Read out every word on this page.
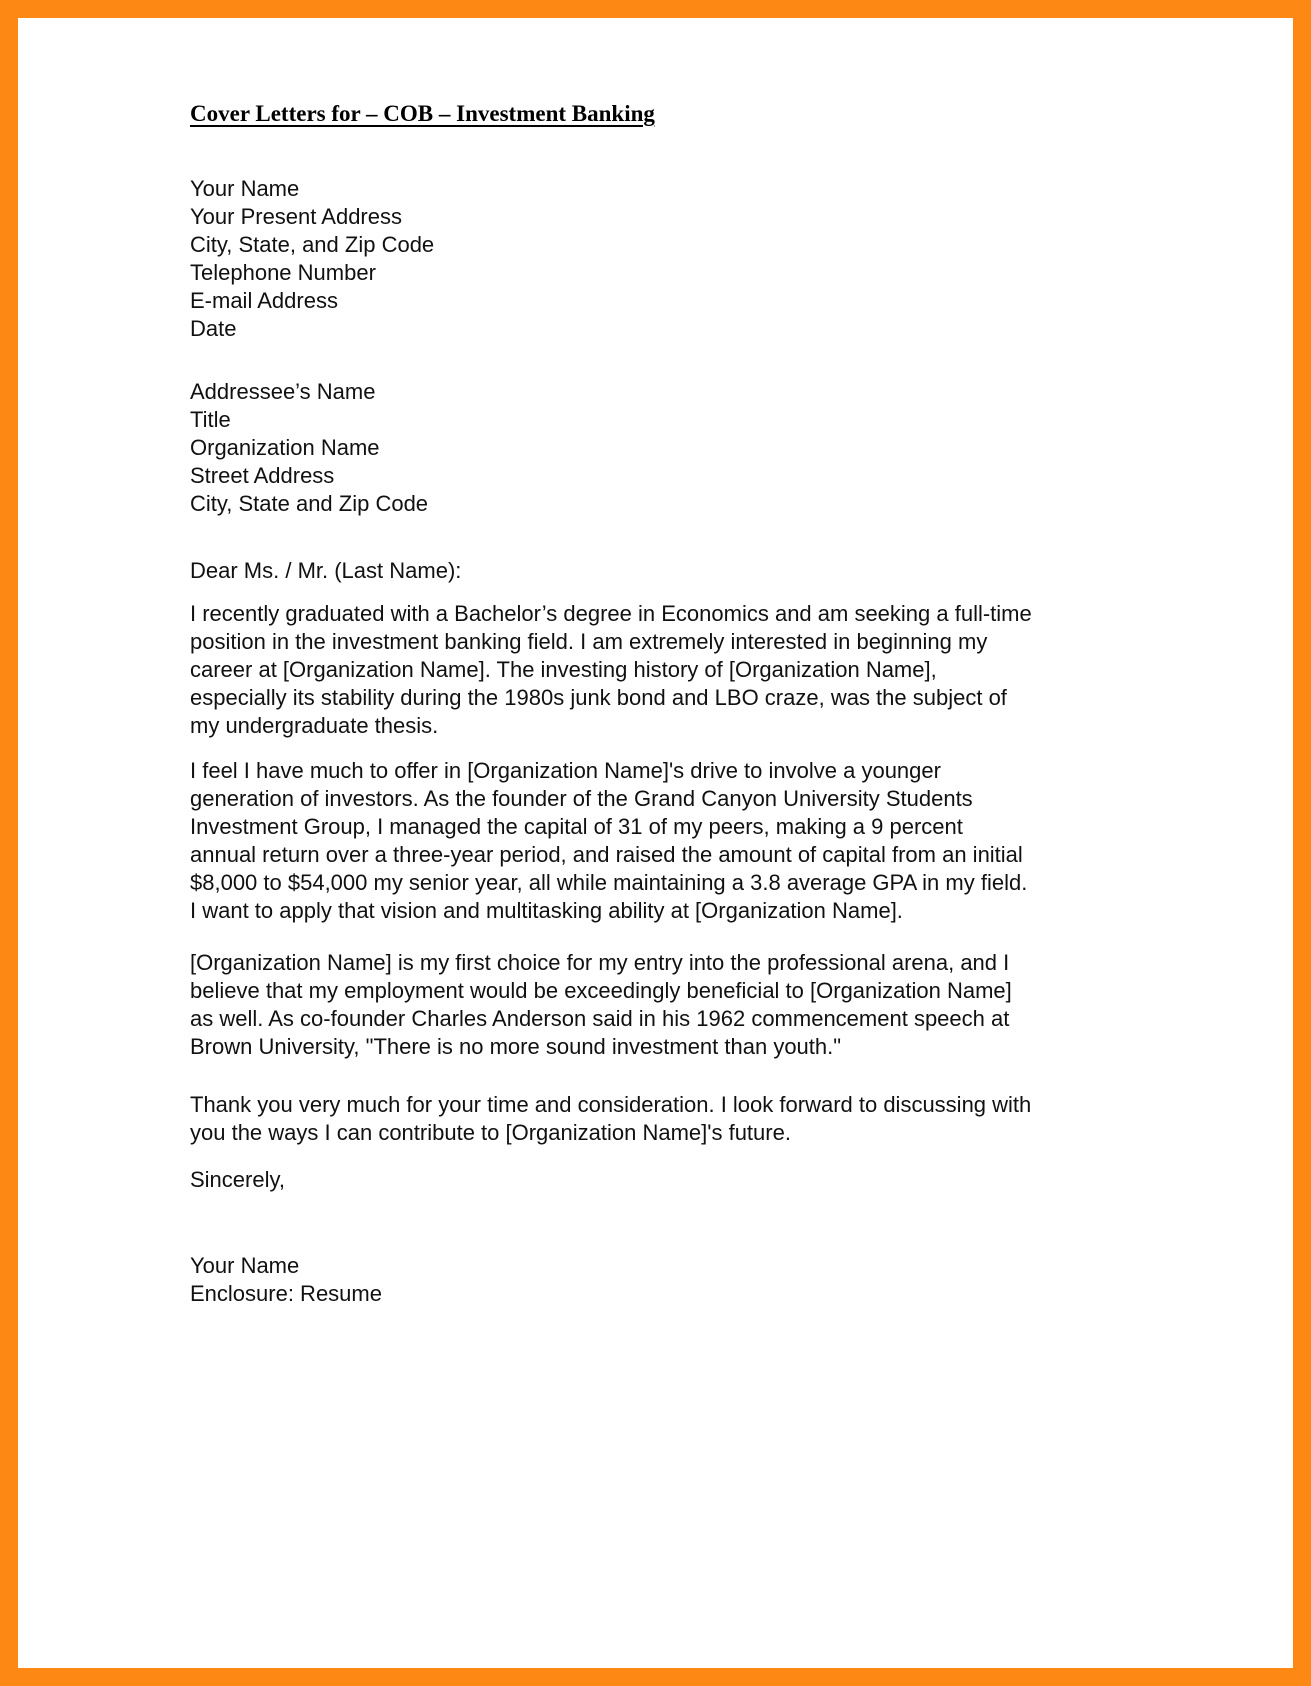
Cover Letters for – COB – Investment Banking
Your Name
Your Present Address
City, State, and Zip Code
Telephone Number
E-mail Address
Date
Addressee’s Name
Title
Organization Name
Street Address
City, State and Zip Code

Dear Ms. / Mr. (Last Name):

I recently graduated with a Bachelor’s degree in Economics and am seeking a full-time position in the investment banking field. I am extremely interested in beginning my career at [Organization Name]. The investing history of [Organization Name], especially its stability during the 1980s junk bond and LBO craze, was the subject of my undergraduate thesis.

I feel I have much to offer in [Organization Name]'s drive to involve a younger generation of investors. As the founder of the Grand Canyon University Students Investment Group, I managed the capital of 31 of my peers, making a 9 percent annual return over a three-year period, and raised the amount of capital from an initial $8,000 to $54,000 my senior year, all while maintaining a 3.8 average GPA in my field. I want to apply that vision and multitasking ability at [Organization Name].

[Organization Name] is my first choice for my entry into the professional arena, and I believe that my employment would be exceedingly beneficial to [Organization Name] as well. As co-founder Charles Anderson said in his 1962 commencement speech at Brown University, "There is no more sound investment than youth."

Thank you very much for your time and consideration. I look forward to discussing with you the ways I can contribute to [Organization Name]'s future.

Sincerely,

Your Name
Enclosure: Resume
